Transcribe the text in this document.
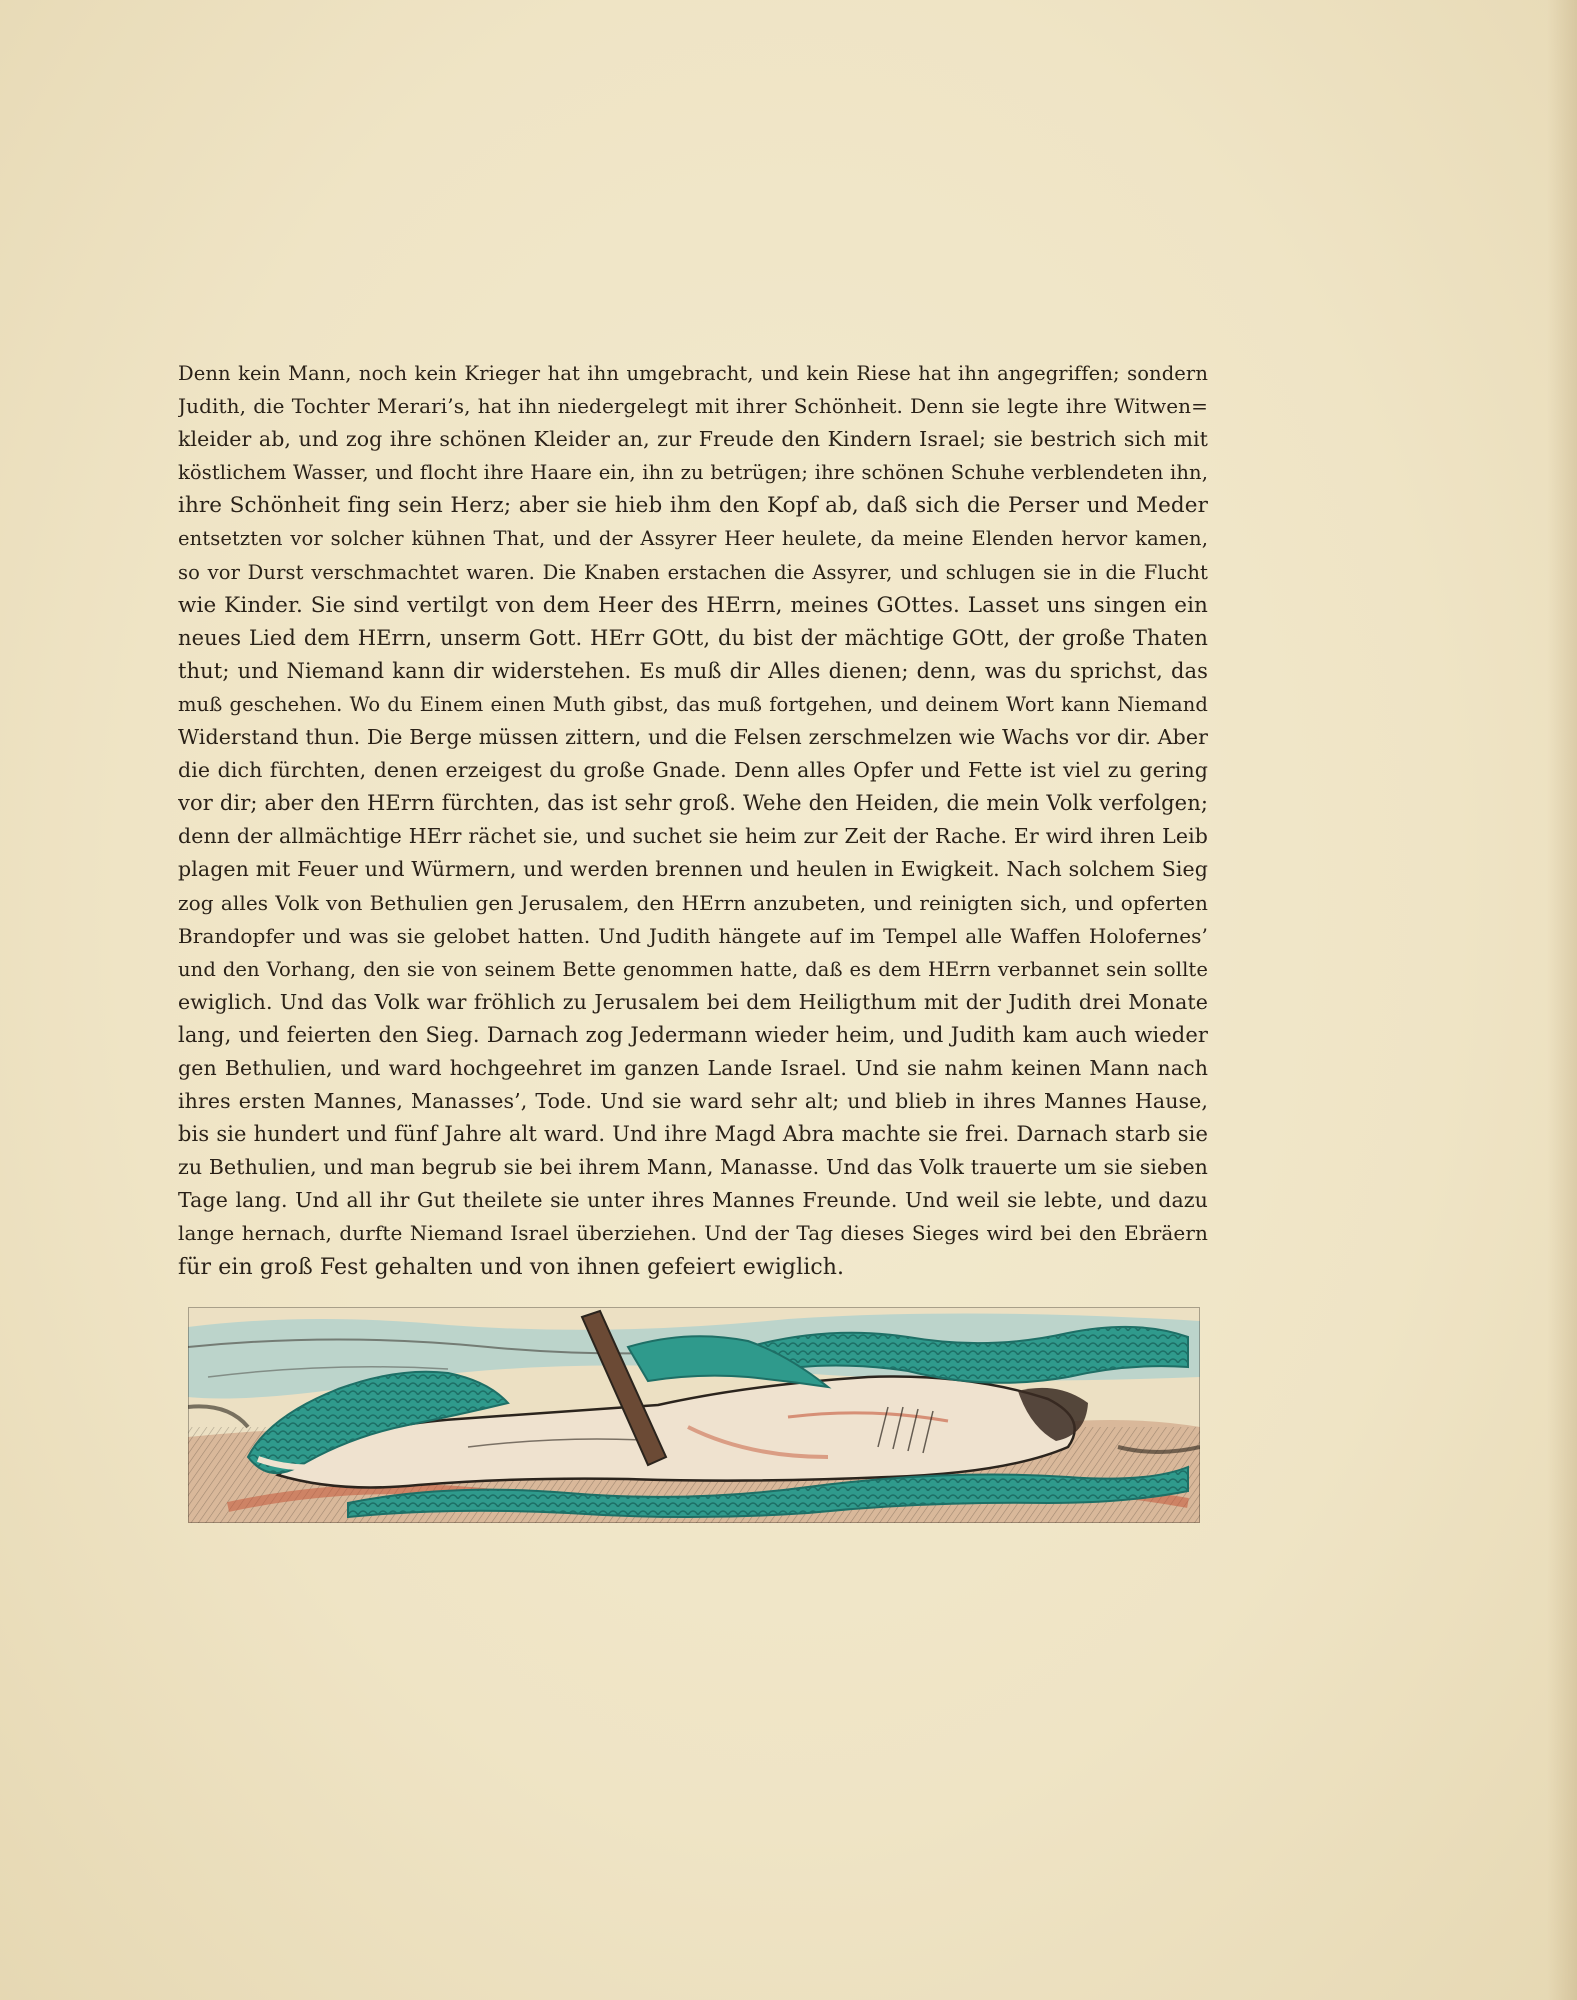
Denn kein Mann, noch kein Krieger hat ihn umgebracht, und kein Riese hat ihn angegriffen; sondern
Judith, die Tochter Merari’s, hat ihn niedergelegt mit ihrer Schönheit. Denn sie legte ihre Witwen=
kleider ab, und zog ihre schönen Kleider an, zur Freude den Kindern Israel; sie bestrich sich mit
köstlichem Wasser, und flocht ihre Haare ein, ihn zu betrügen; ihre schönen Schuhe verblendeten ihn,
ihre Schönheit fing sein Herz; aber sie hieb ihm den Kopf ab, daß sich die Perser und Meder
entsetzten vor solcher kühnen That, und der Assyrer Heer heulete, da meine Elenden hervor kamen,
so vor Durst verschmachtet waren. Die Knaben erstachen die Assyrer, und schlugen sie in die Flucht
wie Kinder. Sie sind vertilgt von dem Heer des HErrn, meines GOttes. Lasset uns singen ein
neues Lied dem HErrn, unserm Gott. HErr GOtt, du bist der mächtige GOtt, der große Thaten
thut; und Niemand kann dir widerstehen. Es muß dir Alles dienen; denn, was du sprichst, das
muß geschehen. Wo du Einem einen Muth gibst, das muß fortgehen, und deinem Wort kann Niemand
Widerstand thun. Die Berge müssen zittern, und die Felsen zerschmelzen wie Wachs vor dir. Aber
die dich fürchten, denen erzeigest du große Gnade. Denn alles Opfer und Fette ist viel zu gering
vor dir; aber den HErrn fürchten, das ist sehr groß. Wehe den Heiden, die mein Volk verfolgen;
denn der allmächtige HErr rächet sie, und suchet sie heim zur Zeit der Rache. Er wird ihren Leib
plagen mit Feuer und Würmern, und werden brennen und heulen in Ewigkeit. Nach solchem Sieg
zog alles Volk von Bethulien gen Jerusalem, den HErrn anzubeten, und reinigten sich, und opferten
Brandopfer und was sie gelobet hatten. Und Judith hängete auf im Tempel alle Waffen Holofernes’
und den Vorhang, den sie von seinem Bette genommen hatte, daß es dem HErrn verbannet sein sollte
ewiglich. Und das Volk war fröhlich zu Jerusalem bei dem Heiligthum mit der Judith drei Monate
lang, und feierten den Sieg. Darnach zog Jedermann wieder heim, und Judith kam auch wieder
gen Bethulien, und ward hochgeehret im ganzen Lande Israel. Und sie nahm keinen Mann nach
ihres ersten Mannes, Manasses’, Tode. Und sie ward sehr alt; und blieb in ihres Mannes Hause,
bis sie hundert und fünf Jahre alt ward. Und ihre Magd Abra machte sie frei. Darnach starb sie
zu Bethulien, und man begrub sie bei ihrem Mann, Manasse. Und das Volk trauerte um sie sieben
Tage lang. Und all ihr Gut theilete sie unter ihres Mannes Freunde. Und weil sie lebte, und dazu
lange hernach, durfte Niemand Israel überziehen. Und der Tag dieses Sieges wird bei den Ebräern
für ein groß Fest gehalten und von ihnen gefeiert ewiglich.
